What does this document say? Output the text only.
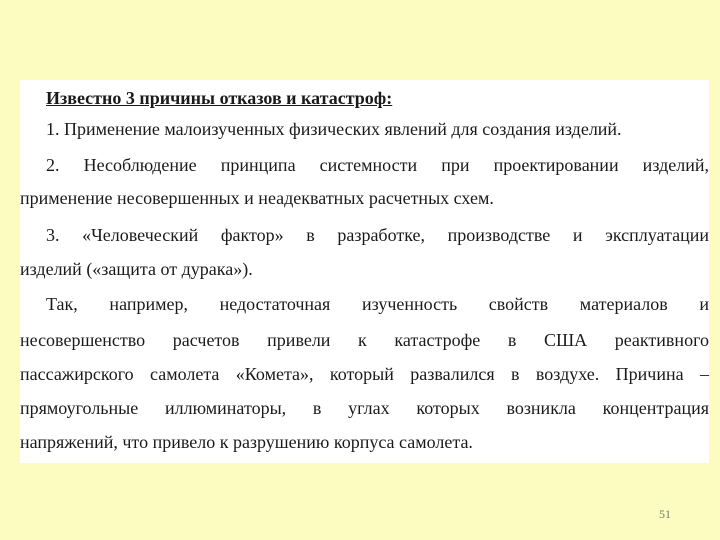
Известно 3 причины отказов и катастроф:
1. Применение малоизученных физических явлений для создания изделий.
2. Несоблюдение принципа системности при проектировании изделий,
применение несовершенных и неадекватных расчетных схем.
3. «Человеческий фактор» в разработке, производстве и эксплуатации
изделий («защита от дурака»).
Так, например, недостаточная изученность свойств материалов и
несовершенство расчетов привели к катастрофе в США реактивного
пассажирского самолета «Комета», который развалился в воздухе. Причина –
прямоугольные иллюминаторы, в углах которых возникла концентрация
напряжений, что привело к разрушению корпуса самолета.
51
